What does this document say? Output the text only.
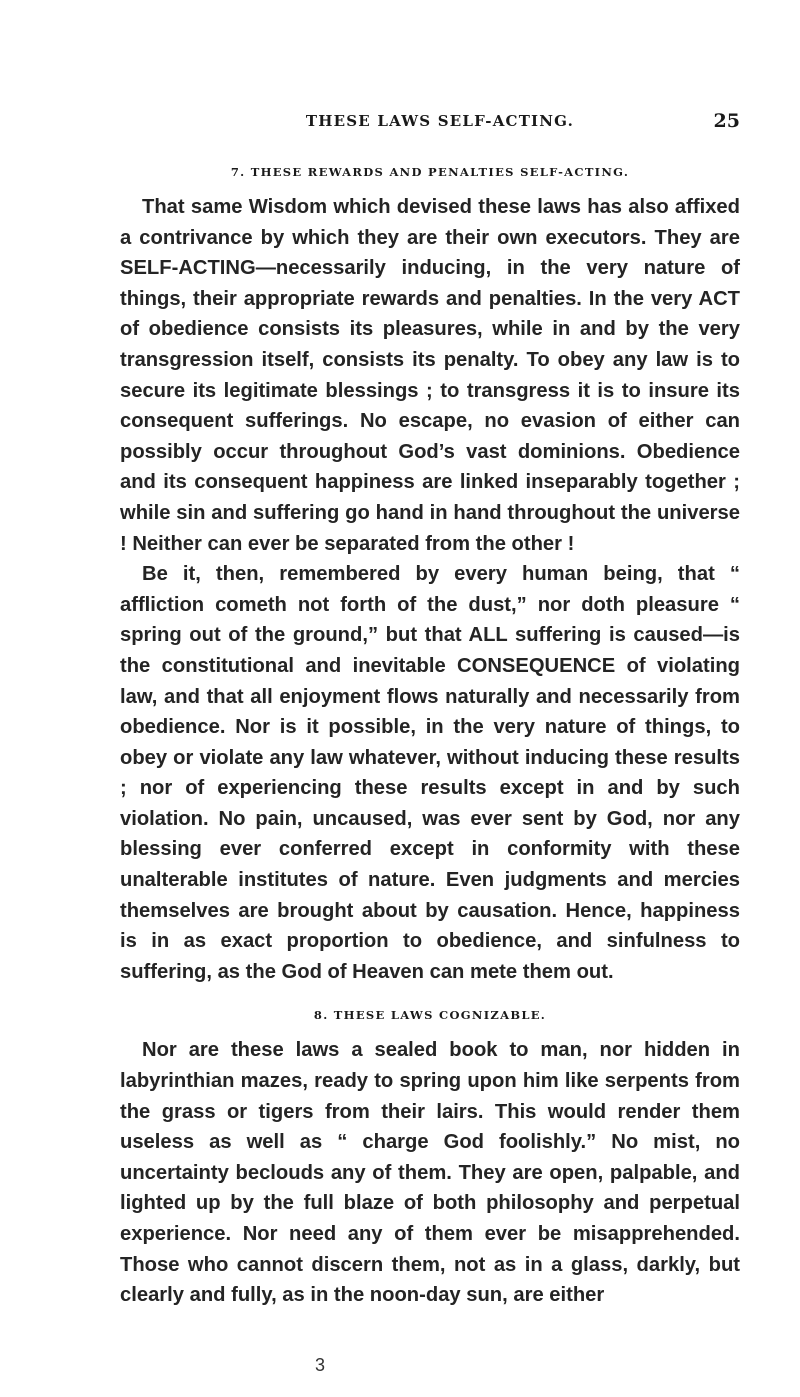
THESE LAWS SELF-ACTING.	25
7. THESE REWARDS AND PENALTIES SELF-ACTING.

That same Wisdom which devised these laws has also affixed a contrivance by which they are their own executors. They are SELF-ACTING—necessarily inducing, in the very nature of things, their appropriate rewards and penalties. In the very ACT of obedience consists its pleasures, while in and by the very transgression itself, consists its penalty. To obey any law is to secure its legitimate blessings ; to transgress it is to insure its consequent sufferings. No escape, no evasion of either can possibly occur throughout God’s vast dominions. Obedience and its consequent happiness are linked inseparably together ; while sin and suffering go hand in hand throughout the universe ! Neither can ever be separated from the other !

Be it, then, remembered by every human being, that “ affliction cometh not forth of the dust,” nor doth pleasure “ spring out of the ground,” but that ALL suffering is caused—is the constitutional and inevitable CONSEQUENCE of violating law, and that all enjoyment flows naturally and necessarily from obedience. Nor is it possible, in the very nature of things, to obey or violate any law whatever, without inducing these results ; nor of experiencing these results except in and by such violation. No pain, uncaused, was ever sent by God, nor any blessing ever conferred except in conformity with these unalterable institutes of nature. Even judgments and mercies themselves are brought about by causation. Hence, happiness is in as exact proportion to obedience, and sinfulness to suffering, as the God of Heaven can mete them out.

8. THESE LAWS COGNIZABLE.

Nor are these laws a sealed book to man, nor hidden in labyrinthian mazes, ready to spring upon him like serpents from the grass or tigers from their lairs. This would render them useless as well as “ charge God foolishly.” No mist, no uncertainty beclouds any of them. They are open, palpable, and lighted up by the full blaze of both philosophy and perpetual experience. Nor need any of them ever be misapprehended. Those who cannot discern them, not as in a glass, darkly, but clearly and fully, as in the noon-day sun, are either

3
